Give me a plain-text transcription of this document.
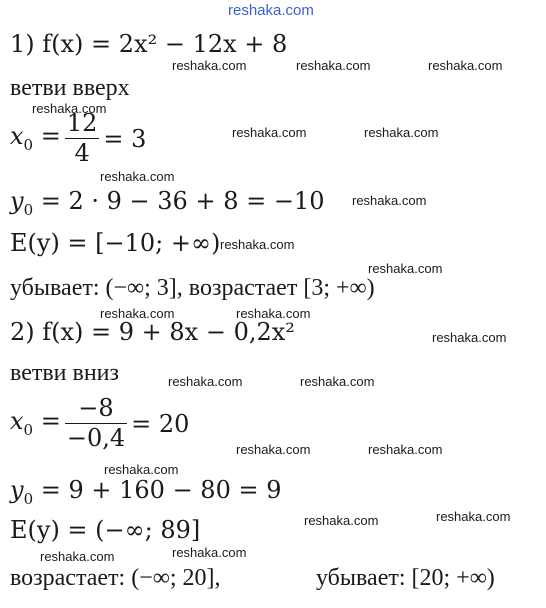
reshaka.com
reshaka.com	reshaka.com	reshaka.com
reshaka.com
reshaka.com	reshaka.com
reshaka.com
reshaka.com
reshaka.com
reshaka.com
reshaka.com	reshaka.com
reshaka.com
reshaka.com	reshaka.com
reshaka.com	reshaka.com
reshaka.com
reshaka.com	reshaka.com
reshaka.com	reshaka.com
1) f(x) = 2x² − 12x + 8
ветви вверх
$x_0 = \frac{12}{4} = 3$
$y_0 = 2 \cdot 9 - 36 + 8 = -10$
E(y) = [−10; +∞)
убывает: (−∞; 3], возрастает [3; +∞)
2) f(x) = 9 + 8x − 0,2x²
ветви вниз
$x_0 = \frac{-8}{-0,4} = 20$
$y_0 = 9 + 160 - 80 = 9$
E(y) = (−∞; 89]
возрастает: (−∞; 20],	убывает: [20; +∞)
